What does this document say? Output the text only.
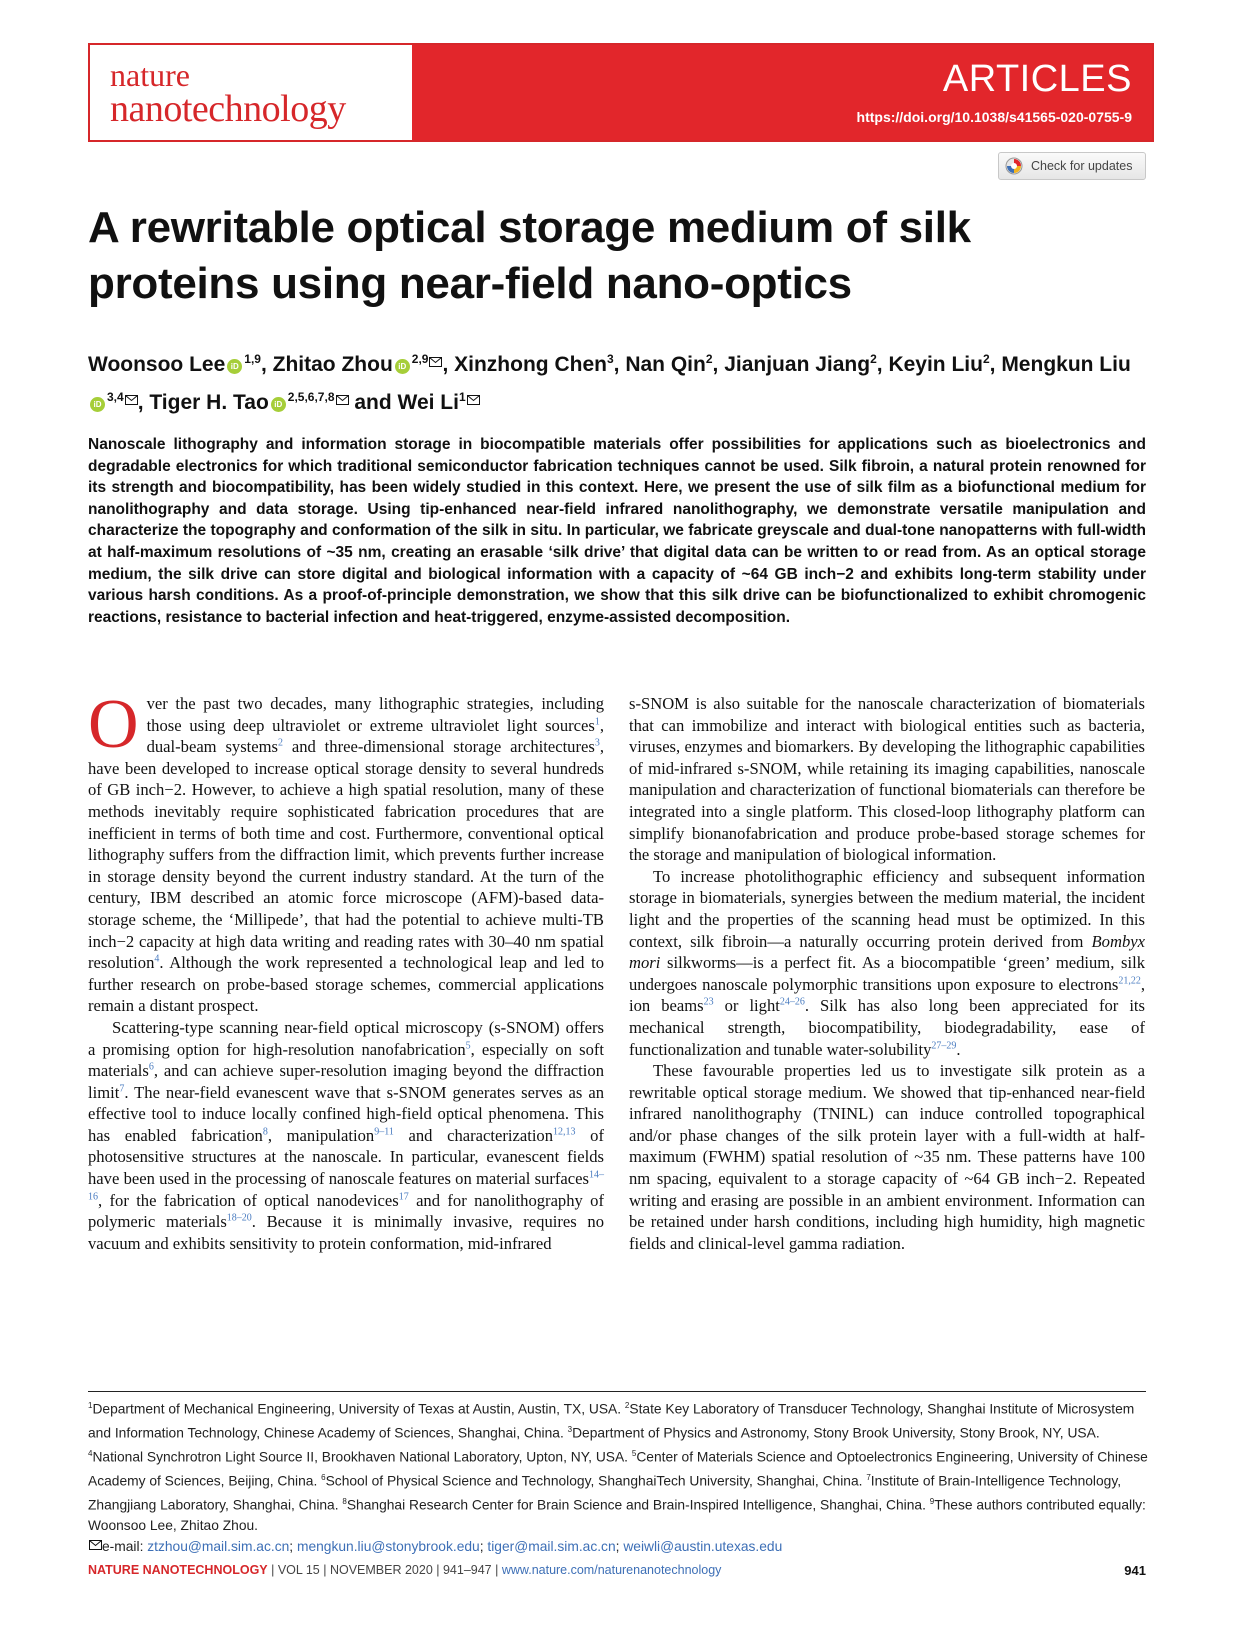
nature
nanotechnology
ARTICLES
https://doi.org/10.1038/s41565-020-0755-9
Check for updates
A rewritable optical storage medium of silk proteins using near-field nano-optics
Woonsoo Lee iD$^{1,9}$, Zhitao Zhou iD$^{2,9}$ , Xinzhong Chen$^3$, Nan Qin$^2$, Jianjuan Jiang$^2$, Keyin Liu$^2$, Mengkun LiuiD$^{3,4}$ , Tiger H. Tao iD$^{2,5,6,7,8}$ and Wei Li$^1$
Nanoscale lithography and information storage in biocompatible materials offer possibilities for applications such as bioelectronics and degradable electronics for which traditional semiconductor fabrication techniques cannot be used. Silk fibroin, a natural protein renowned for its strength and biocompatibility, has been widely studied in this context. Here, we present the use of silk film as a biofunctional medium for nanolithography and data storage. Using tip-enhanced near-field infrared nanolithography, we demonstrate versatile manipulation and characterize the topography and conformation of the silk in situ. In particular, we fabricate greyscale and dual-tone nanopatterns with full-width at half-maximum resolutions of ~35 nm, creating an erasable ‘silk drive’ that digital data can be written to or read from. As an optical storage medium, the silk drive can store digital and biological information with a capacity of ~64 GB inch−2 and exhibits long-term stability under various harsh conditions. As a proof-of-principle demonstration, we show that this silk drive can be biofunctionalized to exhibit chromogenic reactions, resistance to bacterial infection and heat-triggered, enzyme-assisted decomposition.

Over the past two decades, many lithographic strategies, including those using deep ultraviolet or extreme ultraviolet light sources$^1$, dual-beam systems$^2$ and three-dimensional storage architectures$^3$, have been developed to increase optical storage density to several hundreds of GB inch−2. However, to achieve a high spatial resolution, many of these methods inevitably require sophisticated fabrication procedures that are inefficient in terms of both time and cost. Furthermore, conventional optical lithography suffers from the diffraction limit, which prevents further increase in storage density beyond the current industry standard. At the turn of the century, IBM described an atomic force microscope (AFM)-based data-storage scheme, the ‘Millipede’, that had the potential to achieve multi-TB inch−2 capacity at high data writing and reading rates with 30–40 nm spatial resolution$^4$. Although the work represented a technological leap and led to further research on probe-based storage schemes, commercial applications remain a distant prospect.

Scattering-type scanning near-field optical microscopy (s-SNOM) offers a promising option for high-resolution nanofabrication$^5$, especially on soft materials$^6$, and can achieve super-resolution imaging beyond the diffraction limit$^7$. The near-field evanescent wave that s-SNOM generates serves as an effective tool to induce locally confined high-field optical phenomena. This has enabled fabrication$^8$, manipulation$^{9-11}$ and characterization$^{12,13}$ of photosensitive structures at the nanoscale. In particular, evanescent fields have been used in the processing of nanoscale features on material surfaces$^{14-16}$, for the fabrication of optical nanodevices$^{17}$ and for nanolithography of polymeric materials$^{18-20}$. Because it is minimally invasive, requires no vacuum and exhibits sensitivity to protein conformation, mid-infrared

s-SNOM is also suitable for the nanoscale characterization of biomaterials that can immobilize and interact with biological entities such as bacteria, viruses, enzymes and biomarkers. By developing the lithographic capabilities of mid-infrared s-SNOM, while retaining its imaging capabilities, nanoscale manipulation and characterization of functional biomaterials can therefore be integrated into a single platform. This closed-loop lithography platform can simplify bionanofabrication and produce probe-based storage schemes for the storage and manipulation of biological information.

To increase photolithographic efficiency and subsequent information storage in biomaterials, synergies between the medium material, the incident light and the properties of the scanning head must be optimized. In this context, silk fibroin—a naturally occurring protein derived from Bombyx mori silkworms—is a perfect fit. As a biocompatible ‘green’ medium, silk undergoes nanoscale polymorphic transitions upon exposure to electrons$^{21,22}$, ion beams$^{23}$ or light$^{24-26}$. Silk has also long been appreciated for its mechanical strength, biocompatibility, biodegradability, ease of functionalization and tunable water-solubility$^{27-29}$.

These favourable properties led us to investigate silk protein as a rewritable optical storage medium. We showed that tip-enhanced near-field infrared nanolithography (TNINL) can induce controlled topographical and/or phase changes of the silk protein layer with a full-width at half-maximum (FWHM) spatial resolution of ~35 nm. These patterns have 100 nm spacing, equivalent to a storage capacity of ~64 GB inch−2. Repeated writing and erasing are possible in an ambient environment. Information can be retained under harsh conditions, including high humidity, high magnetic fields and clinical-level gamma radiation.

$^1$Department of Mechanical Engineering, University of Texas at Austin, Austin, TX, USA. $^2$State Key Laboratory of Transducer Technology, Shanghai Institute of Microsystem and Information Technology, Chinese Academy of Sciences, Shanghai, China. $^3$Department of Physics and Astronomy, Stony Brook University, Stony Brook, NY, USA. $^4$National Synchrotron Light Source II, Brookhaven National Laboratory, Upton, NY, USA. $^5$Center of Materials Science and Optoelectronics Engineering, University of Chinese Academy of Sciences, Beijing, China. $^6$School of Physical Science and Technology, ShanghaiTech University, Shanghai, China. $^7$Institute of Brain-Intelligence Technology, Zhangjiang Laboratory, Shanghai, China. $^8$Shanghai Research Center for Brain Science and Brain-Inspired Intelligence, Shanghai, China. $^9$These authors contributed equally: Woonsoo Lee, Zhitao Zhou.
e-mail: ztzhou@mail.sim.ac.cn; mengkun.liu@stonybrook.edu; tiger@mail.sim.ac.cn; weiwli@austin.utexas.edu
NATURE NANOTECHNOLOGY | VOL 15 | NOVEMBER 2020 | 941–947 | www.nature.com/naturenanotechnology	941
